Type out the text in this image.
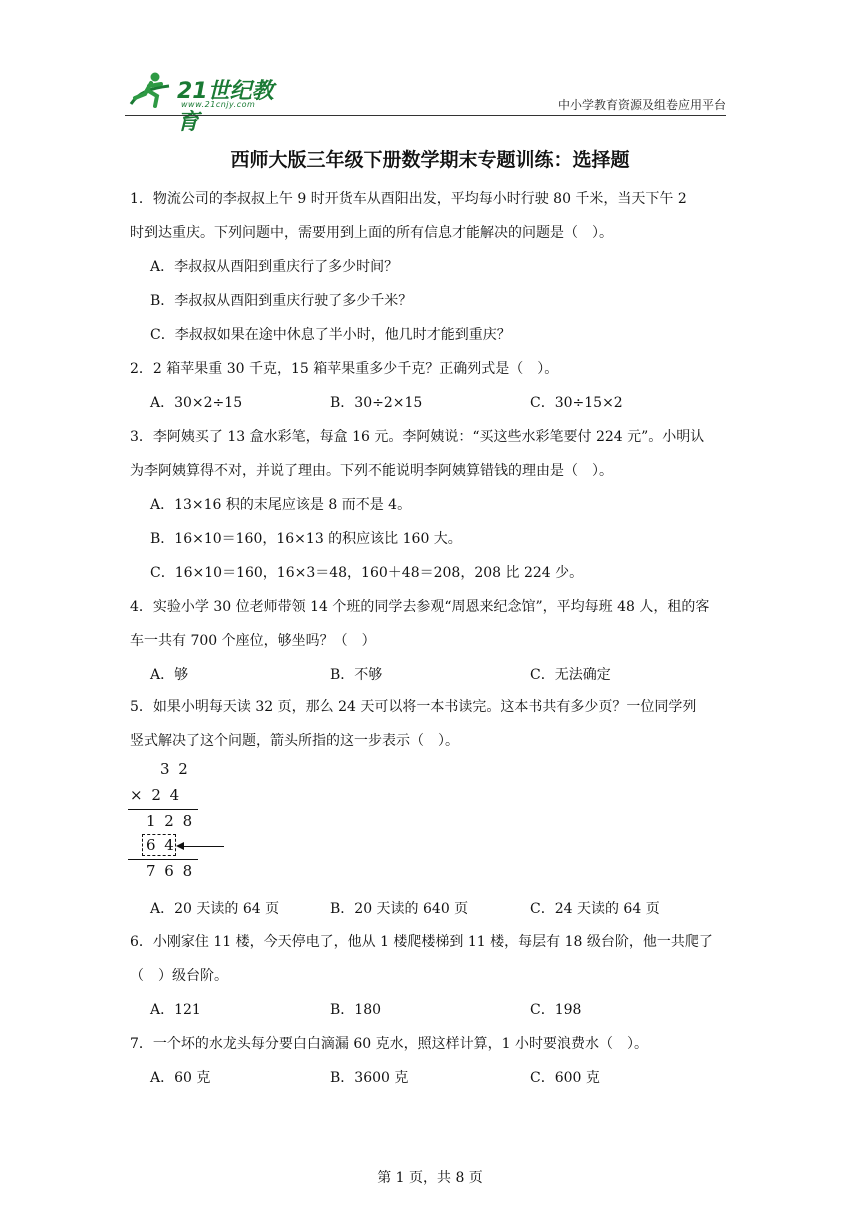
21世纪教育
www.21cnjy.com	中小学教育资源及组卷应用平台
西师大版三年级下册数学期末专题训练：选择题
1．物流公司的李叔叔上午 9 时开货车从酉阳出发，平均每小时行驶 80 千米，当天下午 2
时到达重庆。下列问题中，需要用到上面的所有信息才能解决的问题是（　）。
A．李叔叔从酉阳到重庆行了多少时间？
B．李叔叔从酉阳到重庆行驶了多少千米？
C．李叔叔如果在途中休息了半小时，他几时才能到重庆？
2．2 箱苹果重 30 千克，15 箱苹果重多少千克？正确列式是（　）。
A．30×2÷15	B．30÷2×15	C．30÷15×2
3．李阿姨买了 13 盒水彩笔，每盒 16 元。李阿姨说：“买这些水彩笔要付 224 元”。小明认
为李阿姨算得不对，并说了理由。下列不能说明李阿姨算错钱的理由是（　）。
A．13×16 积的末尾应该是 8 而不是 4。
B．16×10＝160，16×13 的积应该比 160 大。
C．16×10＝160，16×3＝48，160＋48＝208，208 比 224 少。
4．实验小学 30 位老师带领 14 个班的同学去参观“周恩来纪念馆”，平均每班 48 人，租的客
车一共有 700 个座位，够坐吗？（　）
A．够	B．不够	C．无法确定
5．如果小明每天读 32 页，那么 24 天可以将一本书读完。这本书共有多少页？一位同学列
竖式解决了这个问题，箭头所指的这一步表示（　）。
3 2
× 2 4
1 2 8
6 4
7 6 8
A．20 天读的 64 页	B．20 天读的 640 页	C．24 天读的 64 页
6．小刚家住 11 楼，今天停电了，他从 1 楼爬楼梯到 11 楼，每层有 18 级台阶，他一共爬了
（　）级台阶。
A．121	B．180	C．198
7．一个坏的水龙头每分要白白滴漏 60 克水，照这样计算，1 小时要浪费水（　）。
A．60 克	B．3600 克	C．600 克
第 1 页，共 8 页
